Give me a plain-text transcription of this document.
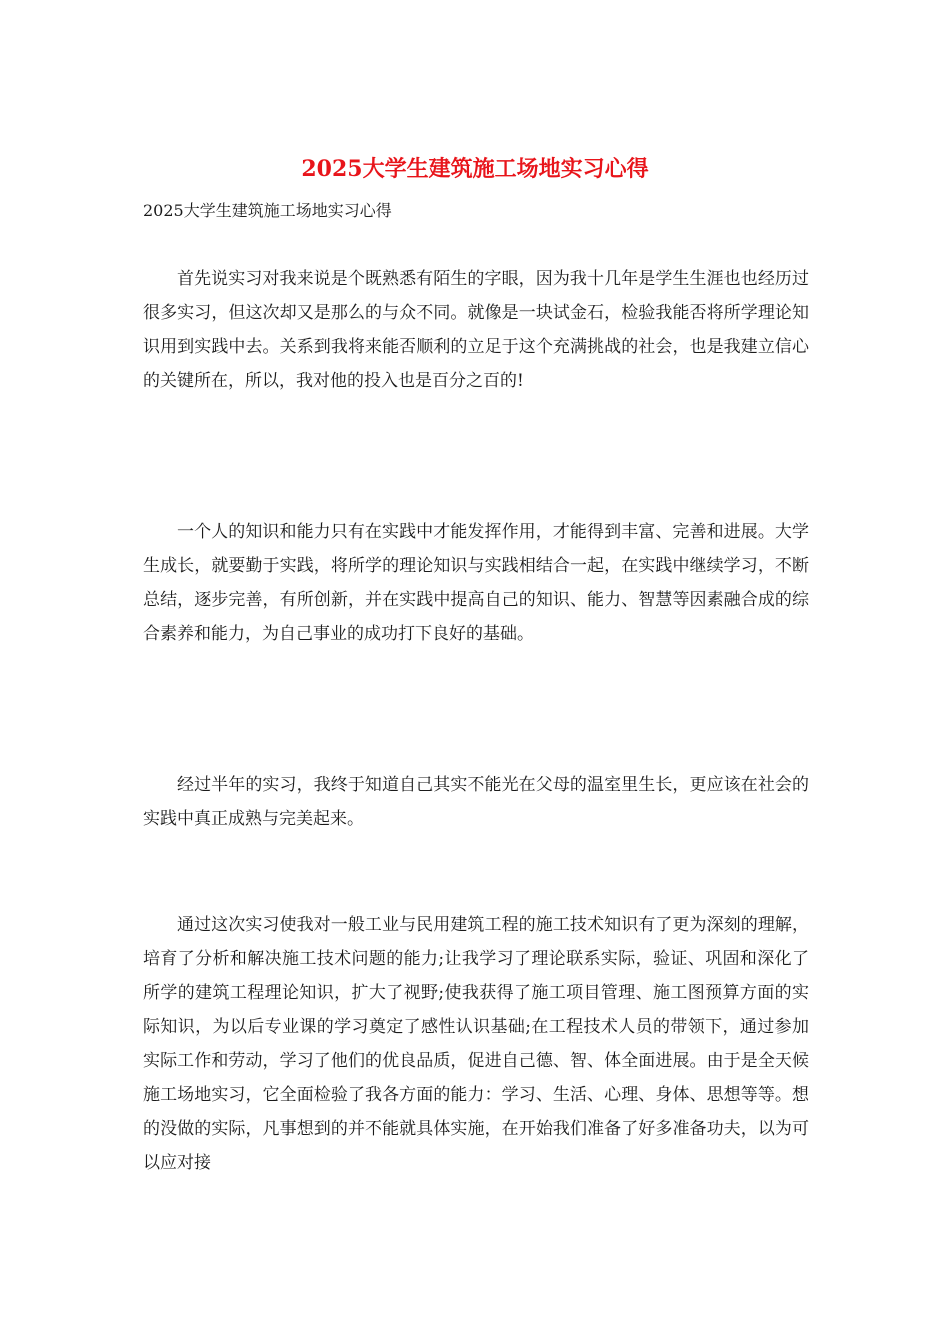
2025大学生建筑施工场地实习心得

2025大学生建筑施工场地实习心得

首先说实习对我来说是个既熟悉有陌生的字眼，因为我十几年是学生生涯也也经历过很多实习，但这次却又是那么的与众不同。就像是一块试金石，检验我能否将所学理论知识用到实践中去。关系到我将来能否顺利的立足于这个充满挑战的社会，也是我建立信心的关键所在，所以，我对他的投入也是百分之百的!

一个人的知识和能力只有在实践中才能发挥作用，才能得到丰富、完善和进展。大学生成长，就要勤于实践，将所学的理论知识与实践相结合一起，在实践中继续学习，不断总结，逐步完善，有所创新，并在实践中提高自己的知识、能力、智慧等因素融合成的综合素养和能力，为自己事业的成功打下良好的基础。

经过半年的实习，我终于知道自己其实不能光在父母的温室里生长，更应该在社会的实践中真正成熟与完美起来。

通过这次实习使我对一般工业与民用建筑工程的施工技术知识有了更为深刻的理解，培育了分析和解决施工技术问题的能力;让我学习了理论联系实际，验证、巩固和深化了所学的建筑工程理论知识，扩大了视野;使我获得了施工项目管理、施工图预算方面的实际知识，为以后专业课的学习奠定了感性认识基础;在工程技术人员的带领下，通过参加实际工作和劳动，学习了他们的优良品质，促进自己德、智、体全面进展。由于是全天候施工场地实习，它全面检验了我各方面的能力：学习、生活、心理、身体、思想等等。想的没做的实际，凡事想到的并不能就具体实施，在开始我们准备了好多准备功夫，以为可以应对接
